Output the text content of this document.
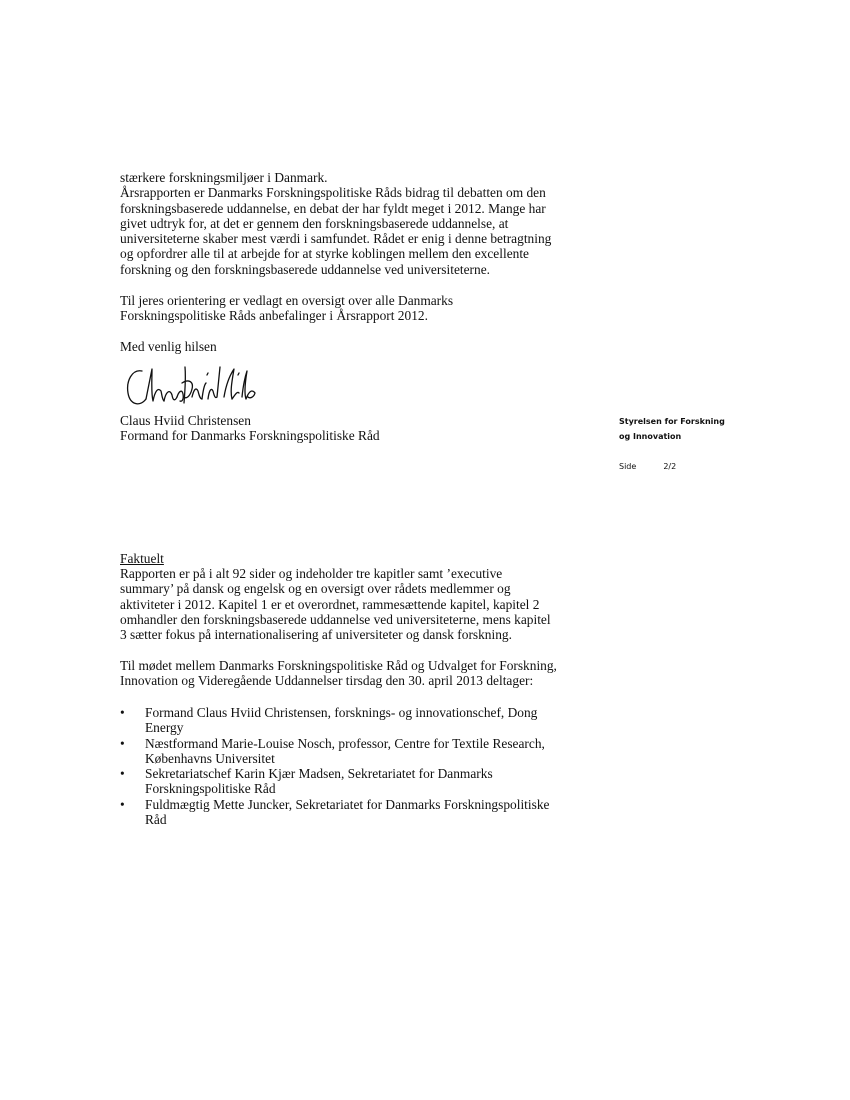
stærkere forskningsmiljøer i Danmark.
Årsrapporten er Danmarks Forskningspolitiske Råds bidrag til debatten om den
forskningsbaserede uddannelse, en debat der har fyldt meget i 2012. Mange har
givet udtryk for, at det er gennem den forskningsbaserede uddannelse, at
universiteterne skaber mest værdi i samfundet. Rådet er enig i denne betragtning
og opfordrer alle til at arbejde for at styrke koblingen mellem den excellente
forskning og den forskningsbaserede uddannelse ved universiteterne.
Til jeres orientering er vedlagt en oversigt over alle Danmarks
Forskningspolitiske Råds anbefalinger i Årsrapport 2012.
Med venlig hilsen
Claus Hviid Christensen
Formand for Danmarks Forskningspolitiske Råd
Styrelsen for Forskning
og Innovation
Side	2/2
Faktuelt
Rapporten er på i alt 92 sider og indeholder tre kapitler samt ’executive
summary’ på dansk og engelsk og en oversigt over rådets medlemmer og
aktiviteter i 2012. Kapitel 1 er et overordnet, rammesættende kapitel, kapitel 2
omhandler den forskningsbaserede uddannelse ved universiteterne, mens kapitel
3 sætter fokus på internationalisering af universiteter og dansk forskning.
Til mødet mellem Danmarks Forskningspolitiske Råd og Udvalget for Forskning,
Innovation og Videregående Uddannelser tirsdag den 30. april 2013 deltager:
• Formand Claus Hviid Christensen, forsknings- og innovationschef, Dong
Energy
• Næstformand Marie-Louise Nosch, professor, Centre for Textile Research,
Københavns Universitet
• Sekretariatschef Karin Kjær Madsen, Sekretariatet for Danmarks
Forskningspolitiske Råd
• Fuldmægtig Mette Juncker, Sekretariatet for Danmarks Forskningspolitiske
Råd
